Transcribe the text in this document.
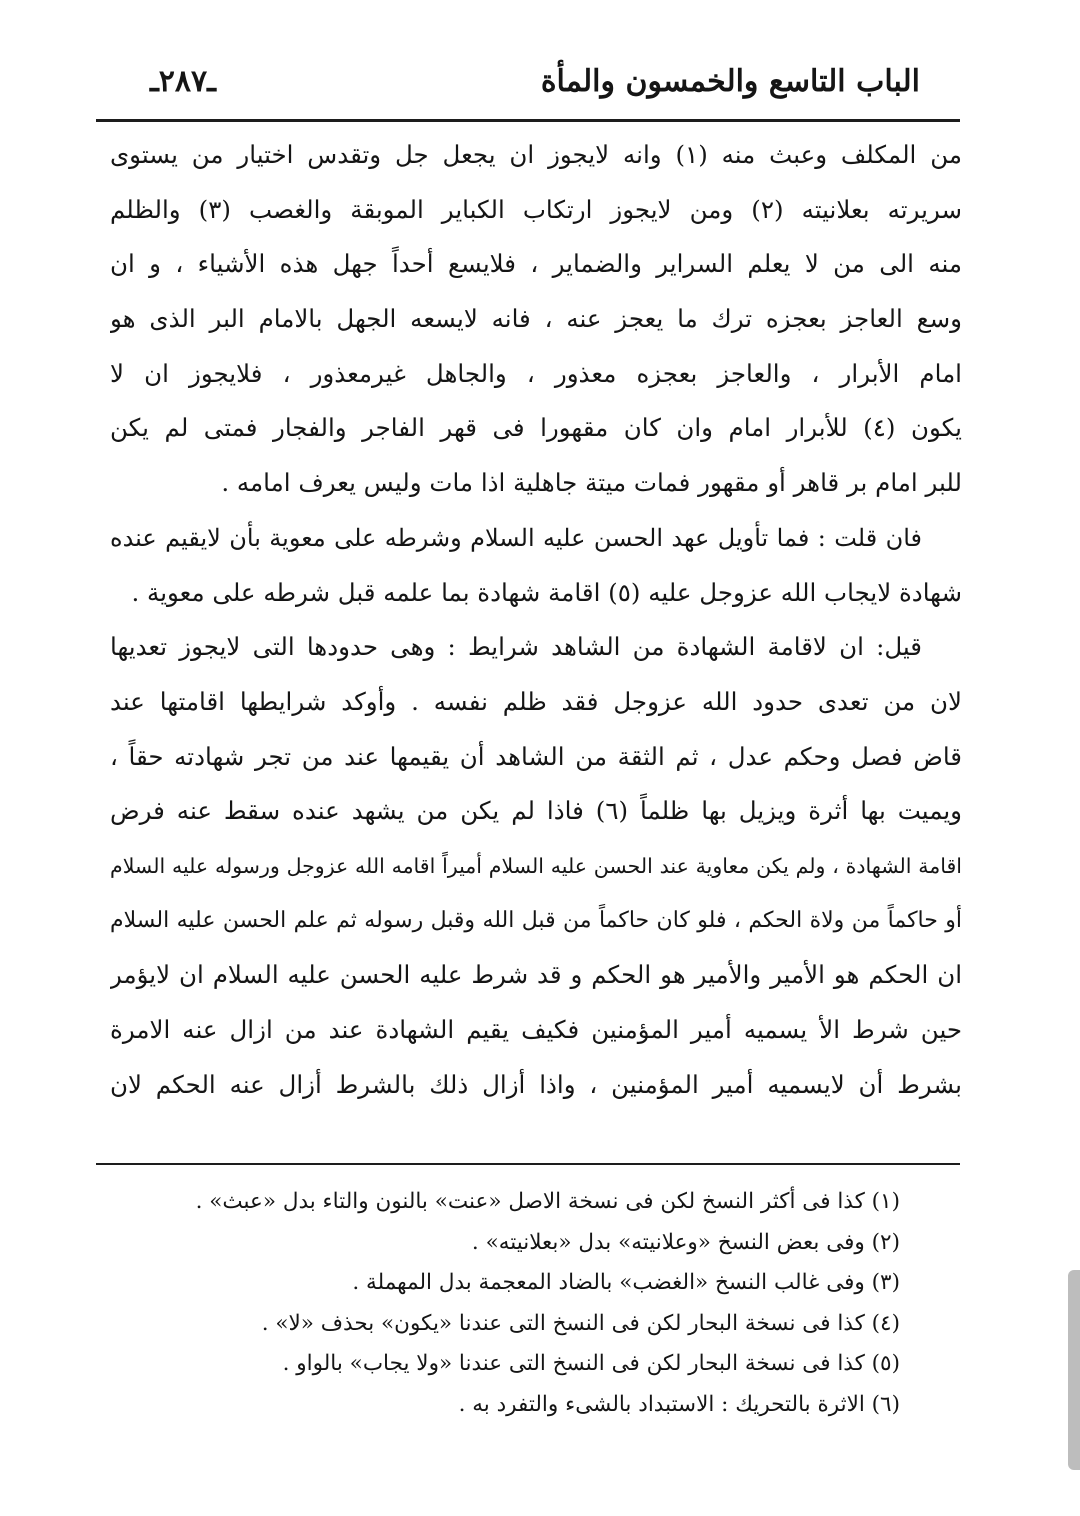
الباب التاسع والخمسون والمأة
ـ٢٨٧ـ
من المكلف وعبث منه (١) وانه لايجوز ان يجعل جل وتقدس اختيار من يستوى
سريرته بعلانيته (٢) ومن لايجوز ارتكاب الكباير الموبقة والغصب (٣) والظلم
منه الى من لا يعلم السراير والضماير ، فلايسع أحداً جهل هذه الأشياء ، و ان
وسع العاجز بعجزه ترك ما يعجز عنه ، فانه لايسعه الجهل بالامام البر الذى هو
امام الأبرار ، والعاجز بعجزه معذور ، والجاهل غيرمعذور ، فلايجوز ان لا
يكون (٤) للأبرار امام وان كان مقهورا فى قهر الفاجر والفجار فمتى لم يكن
للبر امام بر قاهر أو مقهور فمات ميتة جاهلية اذا مات وليس يعرف امامه .
فان قلت : فما تأويل عهد الحسن عليه السلام وشرطه على معوية بأن لايقيم عنده
شهادة لايجاب الله عزوجل عليه (٥) اقامة شهادة بما علمه قبل شرطه على معوية .
قيل: ان لاقامة الشهادة من الشاهد شرايط : وهى حدودها التى لايجوز تعديها
لان من تعدى حدود الله عزوجل فقد ظلم نفسه . وأوكد شرايطها اقامتها عند
قاض فصل وحكم عدل ، ثم الثقة من الشاهد أن يقيمها عند من تجر شهادته حقاً ،
ويميت بها أثرة ويزيل بها ظلماً (٦) فاذا لم يكن من يشهد عنده سقط عنه فرض
اقامة الشهادة ، ولم يكن معاوية عند الحسن عليه السلام أميراً اقامه الله عزوجل ورسوله عليه السلام
أو حاكماً من ولاة الحكم ، فلو كان حاكماً من قبل الله وقبل رسوله ثم علم الحسن عليه السلام
ان الحكم هو الأمير والأمير هو الحكم و قد شرط عليه الحسن عليه السلام ان لايؤمر
حين شرط الأ يسميه أمير المؤمنين فكيف يقيم الشهادة عند من ازال عنه الامرة
بشرط أن لايسميه أمير المؤمنين ، واذا أزال ذلك بالشرط أزال عنه الحكم لان
(١) كذا فى أكثر النسخ لكن فى نسخة الاصل «عنت» بالنون والتاء بدل «عبث» .
(٢) وفى بعض النسخ «وعلانيته» بدل «بعلانيته» .
(٣) وفى غالب النسخ «الغضب» بالضاد المعجمة بدل المهملة .
(٤) كذا فى نسخة البحار لكن فى النسخ التى عندنا «يكون» بحذف «لا» .
(٥) كذا فى نسخة البحار لكن فى النسخ التى عندنا «ولا يجاب» بالواو .
(٦) الاثرة بالتحريك : الاستبداد بالشىء والتفرد به .
